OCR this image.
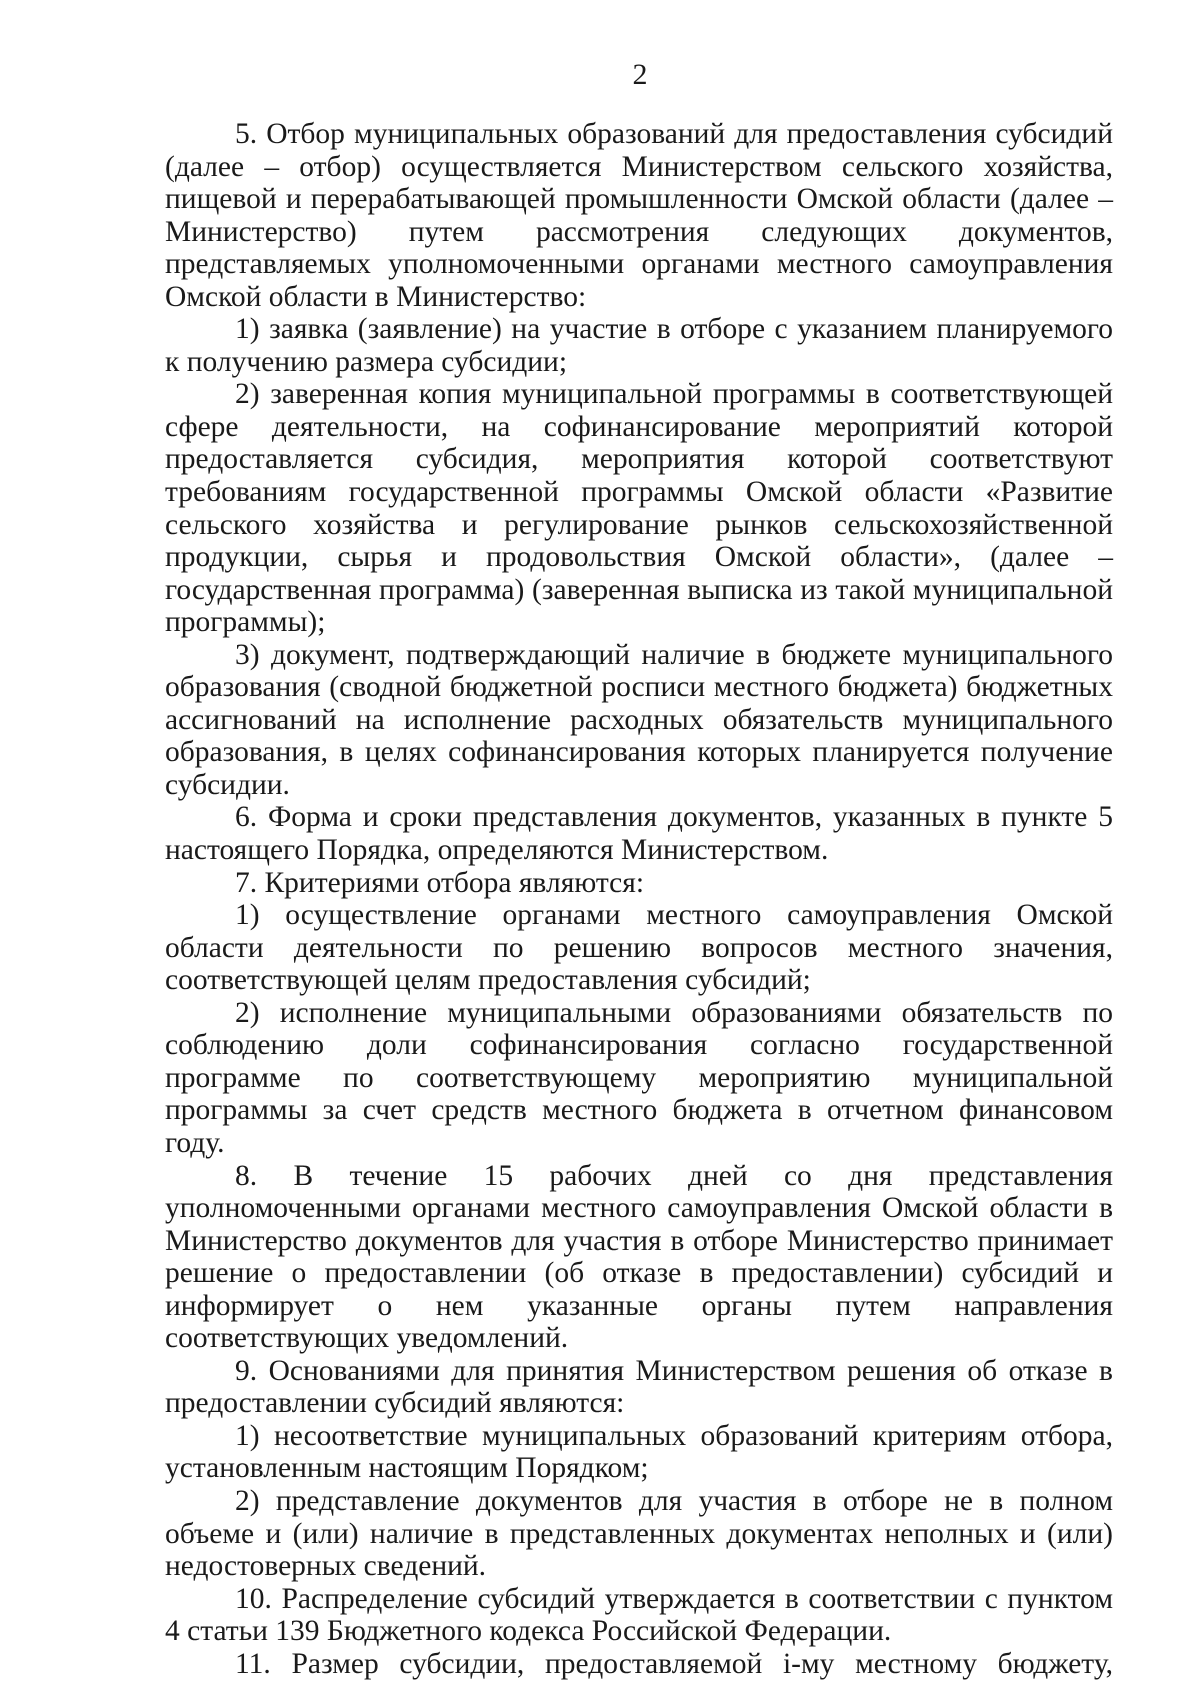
2

5. Отбор муниципальных образований для предоставления субсидий (далее – отбор) осуществляется Министерством сельского хозяйства, пищевой и перерабатывающей промышленности Омской области (далее – Министерство) путем рассмотрения следующих документов, представляемых уполномоченными органами местного самоуправления Омской области в Министерство:

1) заявка (заявление) на участие в отборе с указанием планируемого к получению размера субсидии;

2) заверенная копия муниципальной программы в соответствующей сфере деятельности, на софинансирование мероприятий которой предоставляется субсидия, мероприятия которой соответствуют требованиям государственной программы Омской области «Развитие сельского хозяйства и регулирование рынков сельскохозяйственной продукции, сырья и продовольствия Омской области», (далее – государственная программа) (заверенная выписка из такой муниципальной программы);

3) документ, подтверждающий наличие в бюджете муниципального образования (сводной бюджетной росписи местного бюджета) бюджетных ассигнований на исполнение расходных обязательств муниципального образования, в целях софинансирования которых планируется получение субсидии.

6. Форма и сроки представления документов, указанных в пункте 5 настоящего Порядка, определяются Министерством.

7. Критериями отбора являются:

1) осуществление органами местного самоуправления Омской области деятельности по решению вопросов местного значения, соответствующей целям предоставления субсидий;

2) исполнение муниципальными образованиями обязательств по соблюдению доли софинансирования согласно государственной программе по соответствующему мероприятию муниципальной программы за счет средств местного бюджета в отчетном финансовом году.

8. В течение 15 рабочих дней со дня представления уполномоченными органами местного самоуправления Омской области в Министерство документов для участия в отборе Министерство принимает решение о предоставлении (об отказе в предоставлении) субсидий и информирует о нем указанные органы путем направления соответствующих уведомлений.

9. Основаниями для принятия Министерством решения об отказе в предоставлении субсидий являются:

1) несоответствие муниципальных образований критериям отбора, установленным настоящим Порядком;

2) представление документов для участия в отборе не в полном объеме и (или) наличие в представленных документах неполных и (или) недостоверных сведений.

10. Распределение субсидий утверждается в соответствии с пунктом 4 статьи 139 Бюджетного кодекса Российской Федерации.

11. Размер субсидии, предоставляемой i-му местному бюджету,
